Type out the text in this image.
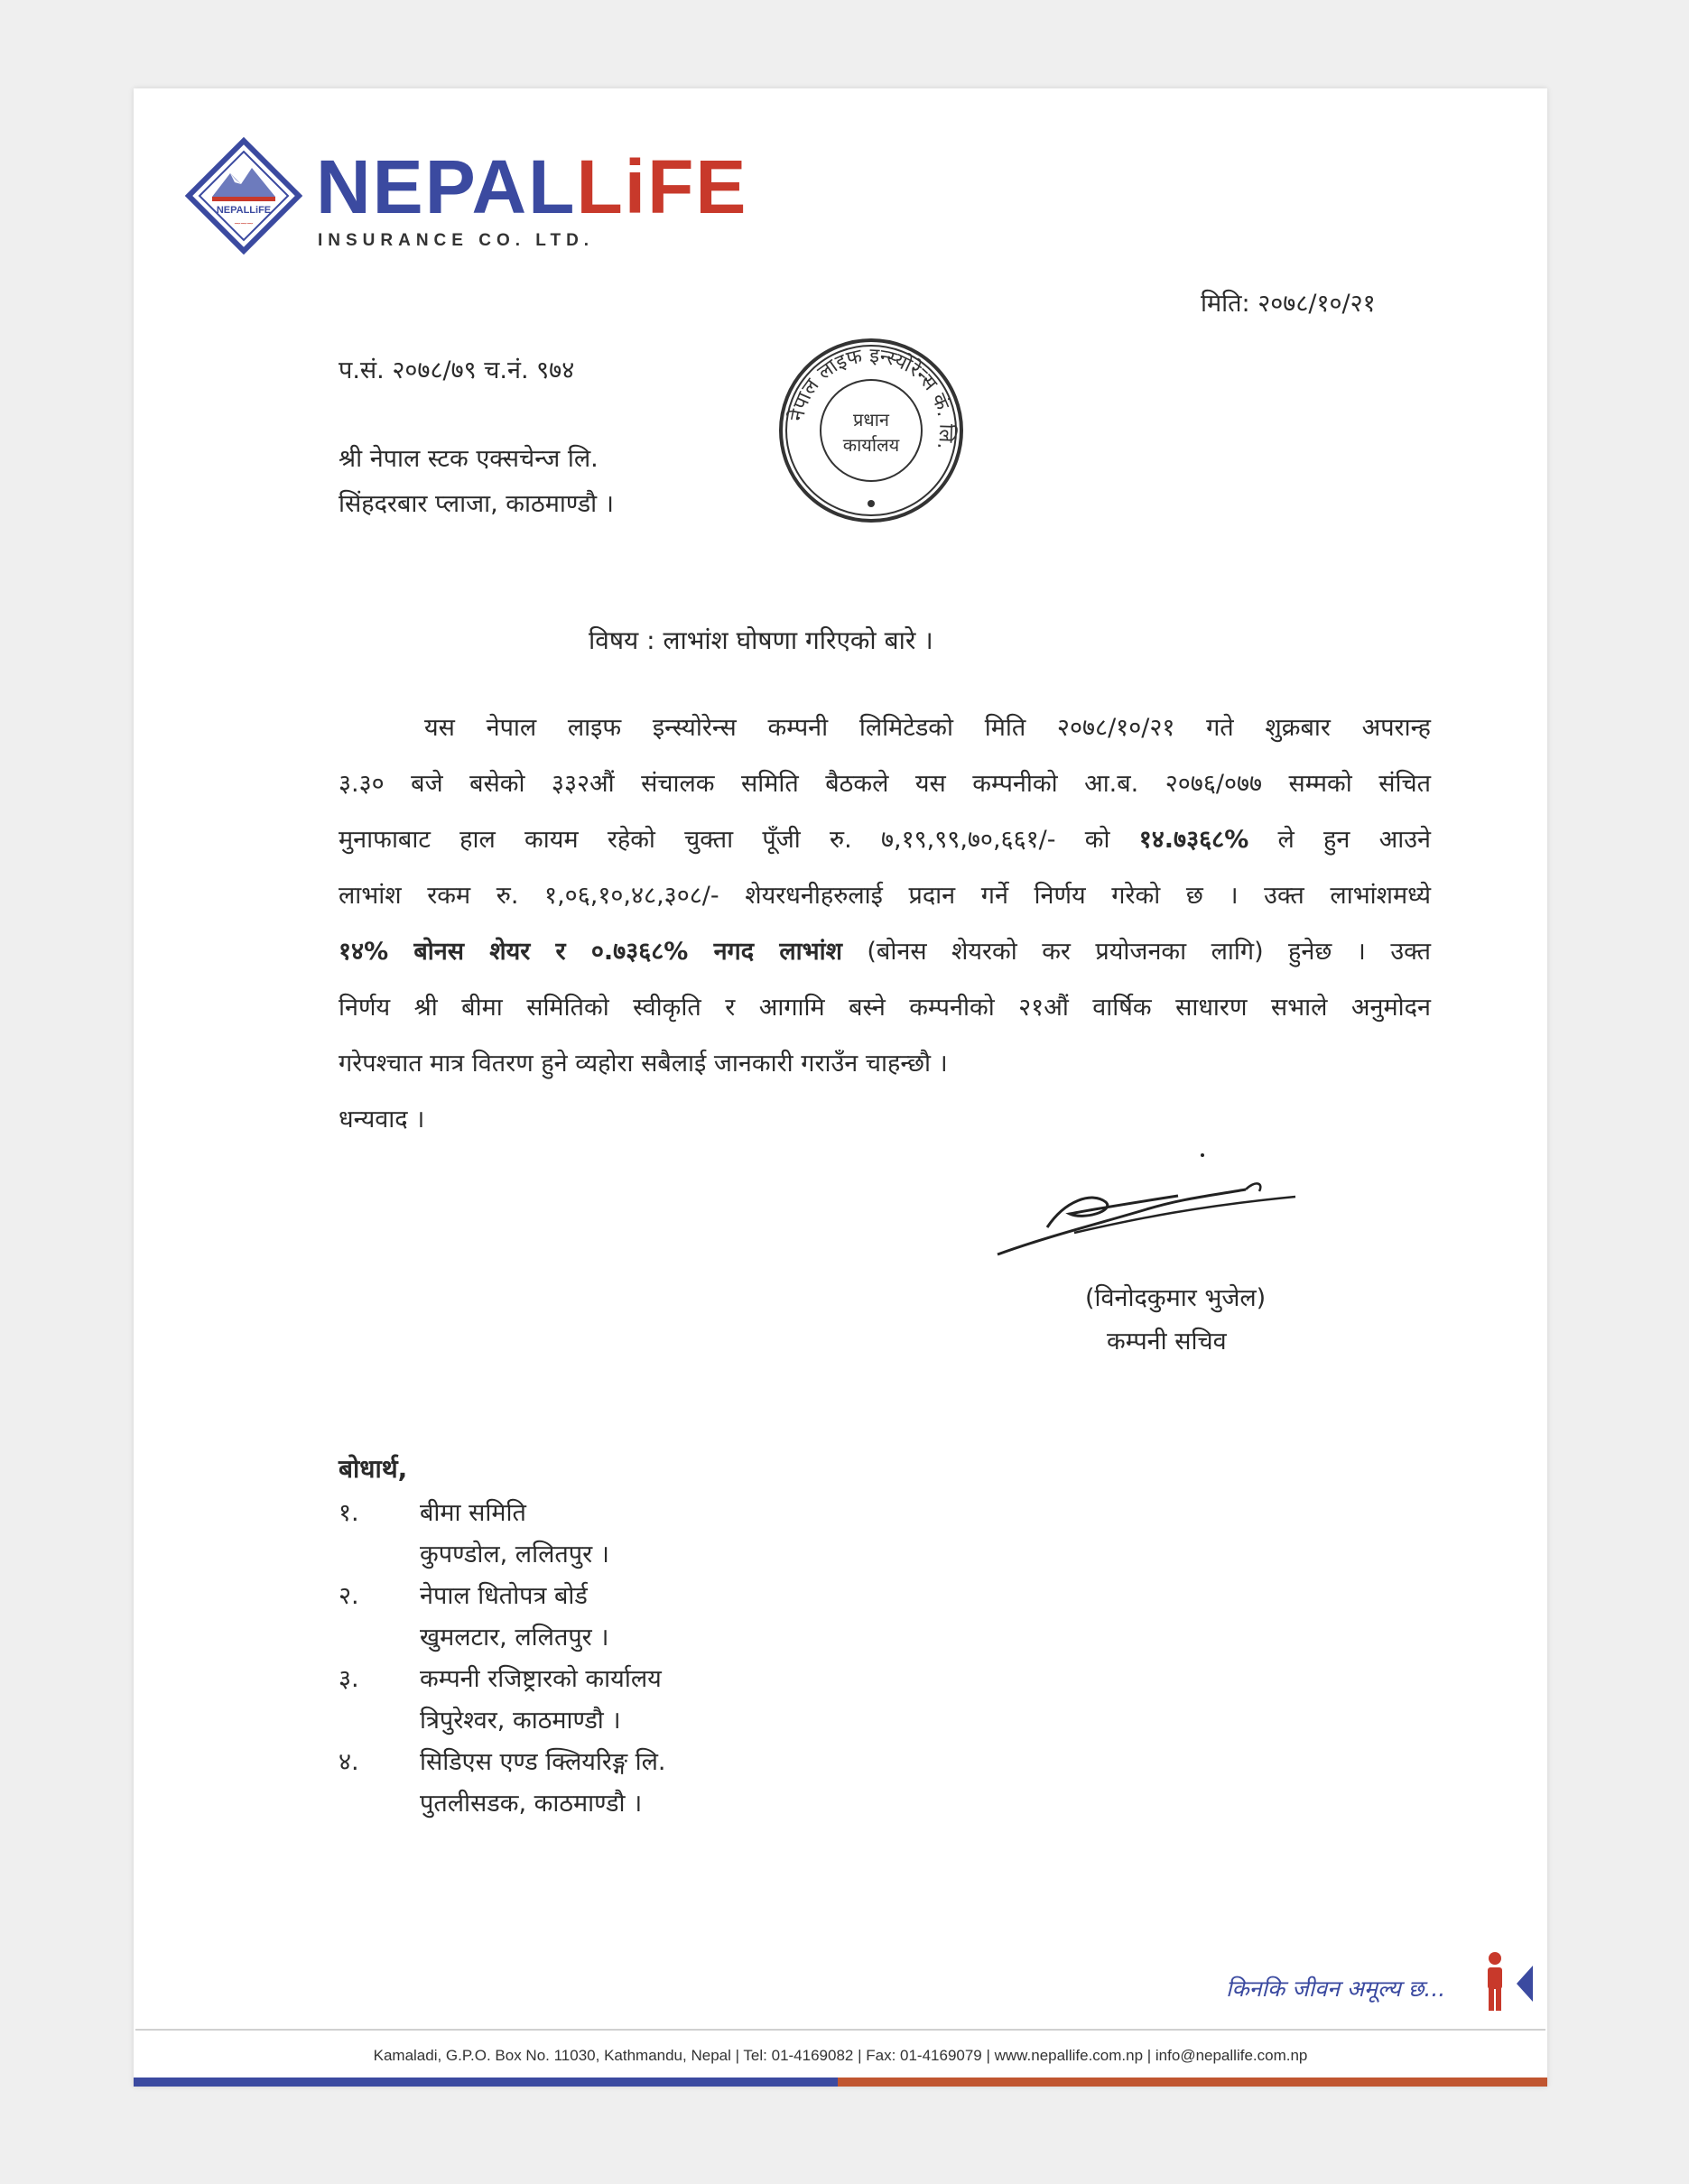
NEPALLiFE
⁓⁓⁓ NEPALLiFE
INSURANCE CO. LTD.
मिति: २०७८/१०/२१
प.सं. २०७८/७९ च.नं. ९७४
श्री नेपाल स्टक एक्सचेन्ज लि.
सिंहदरबार प्लाजा, काठमाण्डौ ।
नेपाल लाइफ इन्स्योरेन्स कं. लि.
प्रधान
कार्यालय
विषय : लाभांश घोषणा गरिएको बारे ।
यस नेपाल लाइफ इन्स्योरेन्स कम्पनी लिमिटेडको मिति २०७८/१०/२१ गते शुक्रबार अपरान्ह
३.३० बजे बसेको ३३२औं संचालक समिति बैठकले यस कम्पनीको आ.ब. २०७६/०७७ सम्मको संचित
मुनाफाबाट हाल कायम रहेको चुक्ता पूँजी रु. ७,१९,९९,७०,६६१/- को १४.७३६८% ले हुन आउने
लाभांश रकम रु. १,०६,१०,४८,३०८/- शेयरधनीहरुलाई प्रदान गर्ने निर्णय गरेको छ । उक्त लाभांशमध्ये
१४% बोनस शेयर र ०.७३६८% नगद लाभांश (बोनस शेयरको कर प्रयोजनका लागि) हुनेछ । उक्त
निर्णय श्री बीमा समितिको स्वीकृति र आगामि बस्ने कम्पनीको २१औं वार्षिक साधारण सभाले अनुमोदन
गरेपश्चात मात्र वितरण हुने व्यहोरा सबैलाई जानकारी गराउँन चाहन्छौ ।
धन्यवाद ।
(विनोदकुमार भुजेल)
कम्पनी सचिव
बोधार्थ,
१. बीमा समिति
कुपण्डोल, ललितपुर ।
२. नेपाल धितोपत्र बोर्ड
खुमलटार, ललितपुर ।
३. कम्पनी रजिष्ट्रारको कार्यालय
त्रिपुरेश्वर, काठमाण्डौ ।
४. सिडिएस एण्ड क्लियरिङ्ग लि.
पुतलीसडक, काठमाण्डौ ।
किनकि जीवन अमूल्य छ...
Kamaladi, G.P.O. Box No. 11030, Kathmandu, Nepal | Tel: 01-4169082 | Fax: 01-4169079 | www.nepallife.com.np | info@nepallife.com.np
